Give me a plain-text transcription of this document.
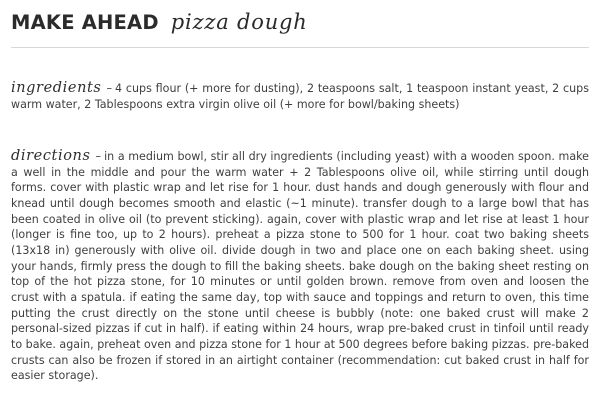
MAKE AHEAD pizza dough

ingredients – 4 cups flour (+ more for dusting), 2 teaspoons salt, 1 teaspoon instant yeast, 2 cups warm water, 2 Tablespoons extra virgin olive oil (+ more for bowl/baking sheets)

directions – in a medium bowl, stir all dry ingredients (including yeast) with a wooden spoon. make a well in the middle and pour the warm water + 2 Tablespoons olive oil, while stirring until dough forms. cover with plastic wrap and let rise for 1 hour. dust hands and dough generously with flour and knead until dough becomes smooth and elastic (~1 minute). transfer dough to a large bowl that has been coated in olive oil (to prevent sticking). again, cover with plastic wrap and let rise at least 1 hour (longer is fine too, up to 2 hours). preheat a pizza stone to 500 for 1 hour. coat two baking sheets (13x18 in) generously with olive oil. divide dough in two and place one on each baking sheet. using your hands, firmly press the dough to fill the baking sheets. bake dough on the baking sheet resting on top of the hot pizza stone, for 10 minutes or until golden brown. remove from oven and loosen the crust with a spatula. if eating the same day, top with sauce and toppings and return to oven, this time putting the crust directly on the stone until cheese is bubbly (note: one baked crust will make 2 personal-sized pizzas if cut in half). if eating within 24 hours, wrap pre-baked crust in tinfoil until ready to bake. again, preheat oven and pizza stone for 1 hour at 500 degrees before baking pizzas. pre-baked crusts can also be frozen if stored in an airtight container (recommendation: cut baked crust in half for easier storage).
